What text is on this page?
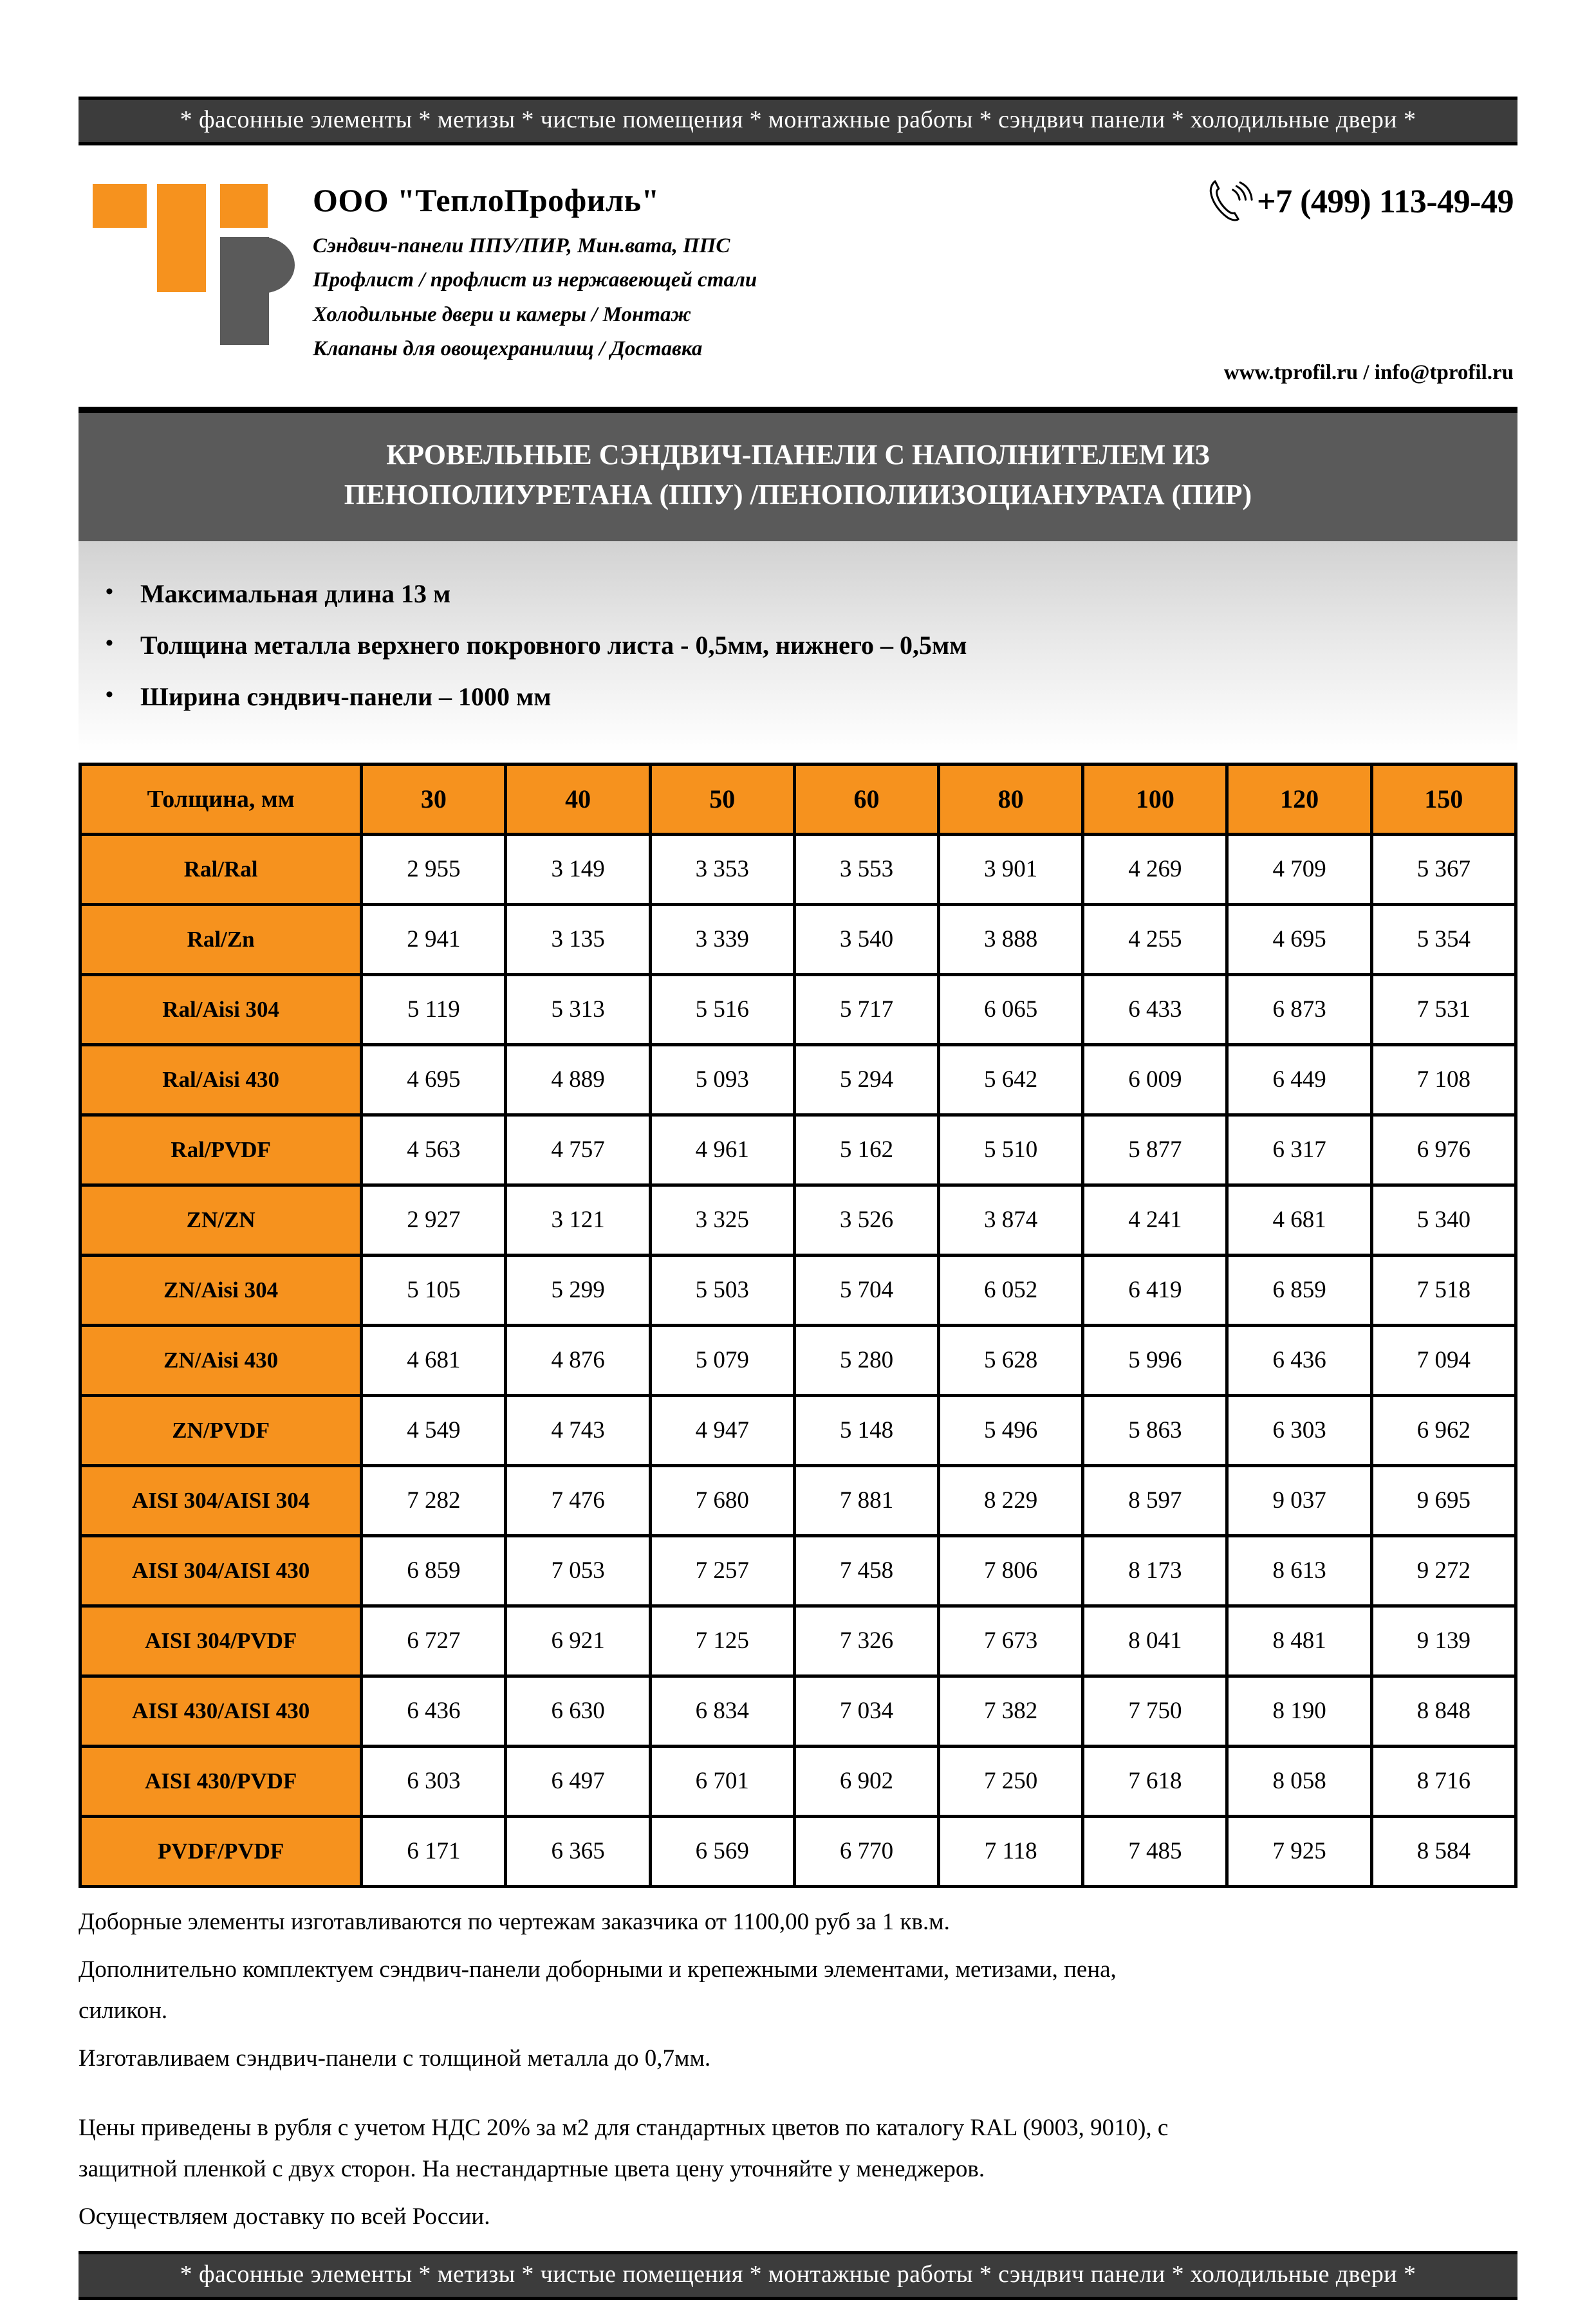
* фасонные элементы * метизы * чистые помещения * монтажные работы * сэндвич панели * холодильные двери *
ООО "ТеплоПрофиль"
Сэндвич-панели ППУ/ПИР, Мин.вата, ППС
Профлист / профлист из нержавеющей стали
Холодильные двери и камеры / Монтаж
Клапаны для овощехранилищ / Доставка
+7 (499) 113-49-49
www.tprofil.ru / info@tprofil.ru
КРОВЕЛЬНЫЕ СЭНДВИЧ-ПАНЕЛИ С НАПОЛНИТЕЛЕМ ИЗ
ПЕНОПОЛИУРЕТАНА (ППУ) /ПЕНОПОЛИИЗОЦИАНУРАТА (ПИР)
•	Максимальная длина 13 м
•	Толщина металла верхнего покровного листа - 0,5мм, нижнего – 0,5мм
•	Ширина сэндвич-панели – 1000 мм
Толщина, мм	30	40	50	60	80	100	120	150
Ral/Ral	2 955	3 149	3 353	3 553	3 901	4 269	4 709	5 367
Ral/Zn	2 941	3 135	3 339	3 540	3 888	4 255	4 695	5 354
Ral/Aisi 304	5 119	5 313	5 516	5 717	6 065	6 433	6 873	7 531
Ral/Aisi 430	4 695	4 889	5 093	5 294	5 642	6 009	6 449	7 108
Ral/PVDF	4 563	4 757	4 961	5 162	5 510	5 877	6 317	6 976
ZN/ZN	2 927	3 121	3 325	3 526	3 874	4 241	4 681	5 340
ZN/Aisi 304	5 105	5 299	5 503	5 704	6 052	6 419	6 859	7 518
ZN/Aisi 430	4 681	4 876	5 079	5 280	5 628	5 996	6 436	7 094
ZN/PVDF	4 549	4 743	4 947	5 148	5 496	5 863	6 303	6 962
AISI 304/AISI 304	7 282	7 476	7 680	7 881	8 229	8 597	9 037	9 695
AISI 304/AISI 430	6 859	7 053	7 257	7 458	7 806	8 173	8 613	9 272
AISI 304/PVDF	6 727	6 921	7 125	7 326	7 673	8 041	8 481	9 139
AISI 430/AISI 430	6 436	6 630	6 834	7 034	7 382	7 750	8 190	8 848
AISI 430/PVDF	6 303	6 497	6 701	6 902	7 250	7 618	8 058	8 716
PVDF/PVDF	6 171	6 365	6 569	6 770	7 118	7 485	7 925	8 584
Доборные элементы изготавливаются по чертежам заказчика от 1100,00 руб за 1 кв.м.
Дополнительно комплектуем сэндвич-панели доборными и крепежными элементами, метизами, пена,
силикон.
Изготавливаем сэндвич-панели с толщиной металла до 0,7мм.
Цены приведены в рубля с учетом НДС 20% за м2 для стандартных цветов по каталогу RAL (9003, 9010), с
защитной пленкой с двух сторон. На нестандартные цвета цену уточняйте у менеджеров.
Осуществляем доставку по всей России.
* фасонные элементы * метизы * чистые помещения * монтажные работы * сэндвич панели * холодильные двери *
